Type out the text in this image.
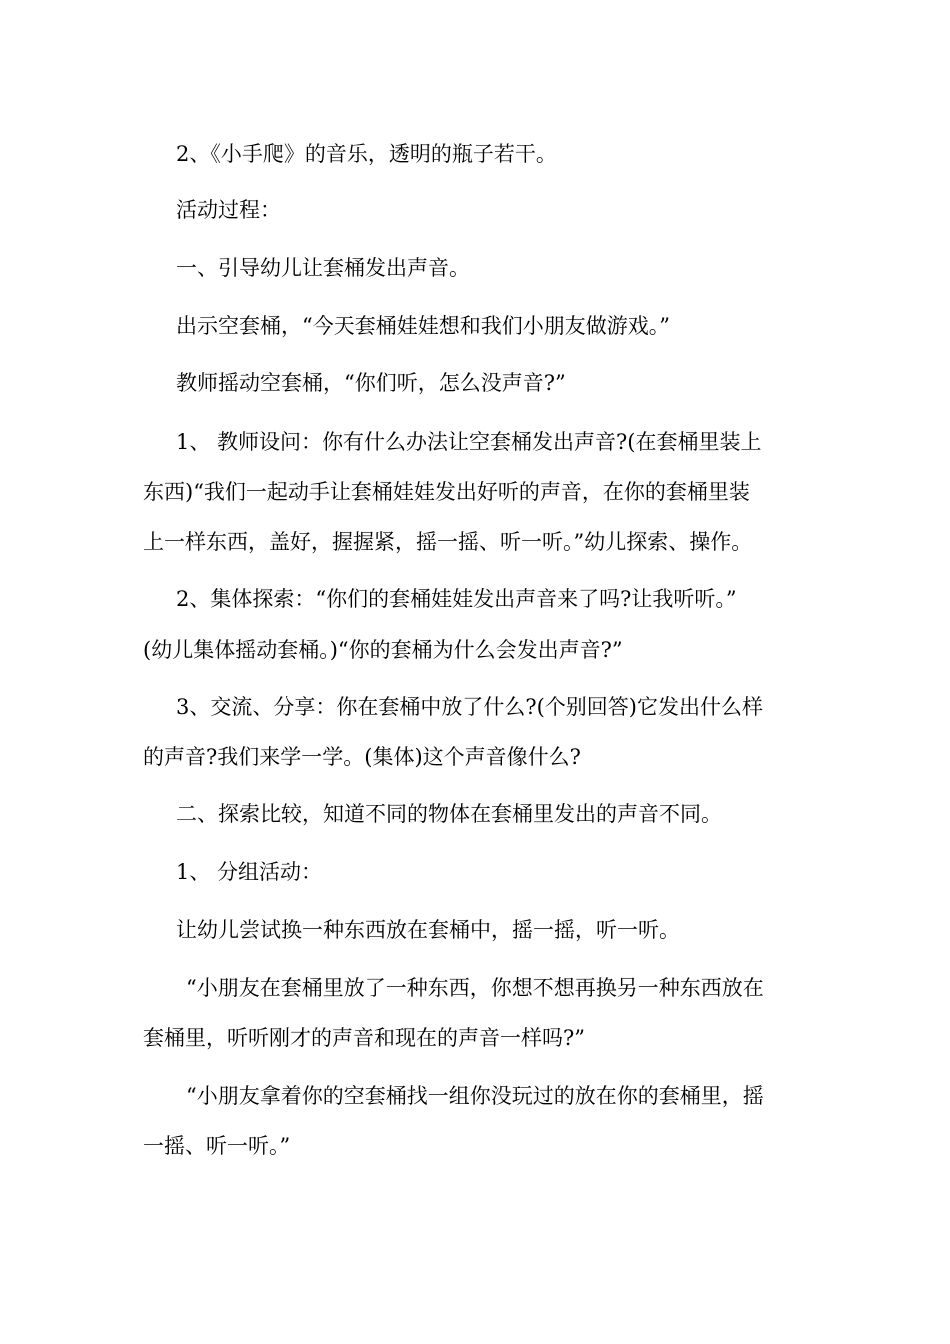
2、《小手爬》的音乐，透明的瓶子若干。
活动过程：
一、引导幼儿让套桶发出声音。
出示空套桶，“今天套桶娃娃想和我们小朋友做游戏。”
教师摇动空套桶，“你们听，怎么没声音?”
1、 教师设问：你有什么办法让空套桶发出声音?(在套桶里装上
东西)“我们一起动手让套桶娃娃发出好听的声音，在你的套桶里装
上一样东西，盖好，握握紧，摇一摇、听一听。”幼儿探索、操作。
2、集体探索：“你们的套桶娃娃发出声音来了吗?让我听听。”
(幼儿集体摇动套桶。)“你的套桶为什么会发出声音?”
3、交流、分享：你在套桶中放了什么?(个别回答)它发出什么样
的声音?我们来学一学。(集体)这个声音像什么?
二、探索比较，知道不同的物体在套桶里发出的声音不同。
1、 分组活动：
让幼儿尝试换一种东西放在套桶中，摇一摇，听一听。
“小朋友在套桶里放了一种东西，你想不想再换另一种东西放在
套桶里，听听刚才的声音和现在的声音一样吗?”
“小朋友拿着你的空套桶找一组你没玩过的放在你的套桶里，摇
一摇、听一听。”
